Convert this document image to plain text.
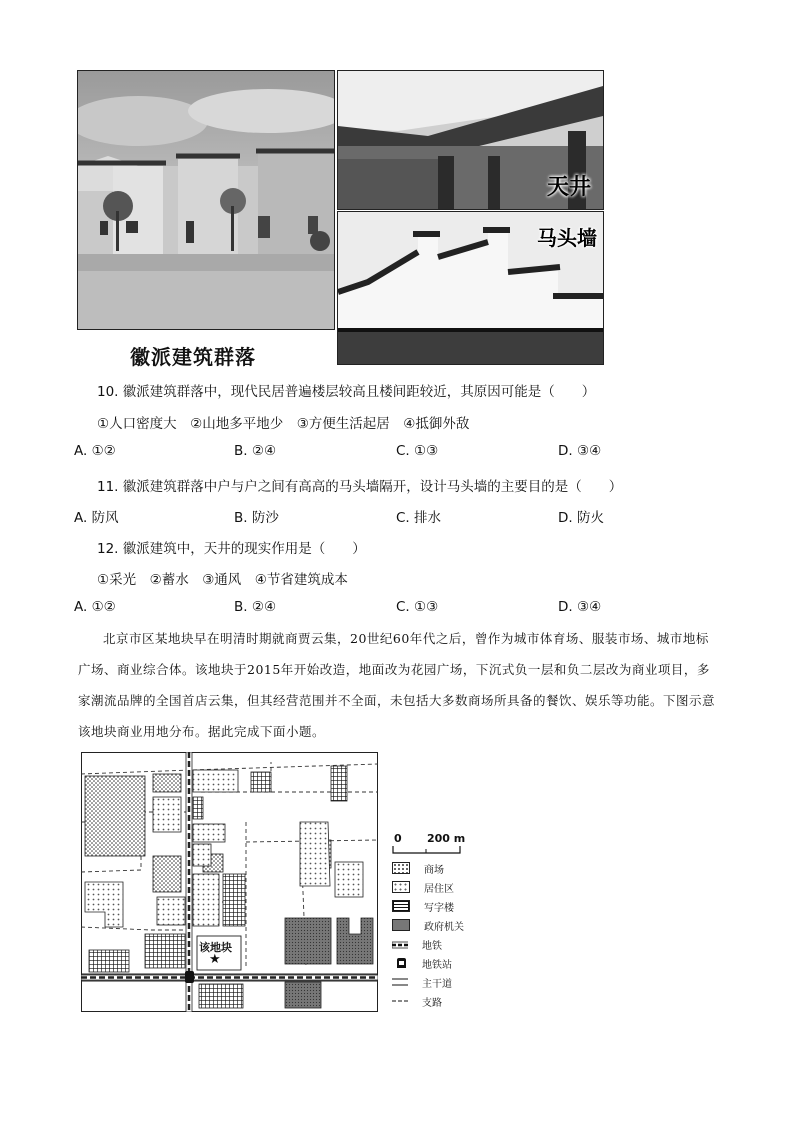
天井
马头墙
徽派建筑群落
10. 徽派建筑群落中，现代民居普遍楼层较高且楼间距较近，其原因可能是（　　）
①人口密度大　②山地多平地少　③方便生活起居　④抵御外敌
A. ①②	B. ②④	C. ①③	D. ③④
11. 徽派建筑群落中户与户之间有高高的马头墙隔开，设计马头墙的主要目的是（　　）
A. 防风	B. 防沙	C. 排水	D. 防火
12. 徽派建筑中，天井的现实作用是（　　）
①采光　②蓄水　③通风　④节省建筑成本
A. ①②	B. ②④	C. ①③	D. ③④

北京市区某地块早在明清时期就商贾云集，20世纪60年代之后，曾作为城市体育场、服装市场、城市地标广场、商业综合体。该地块于2015年开始改造，地面改为花园广场，下沉式负一层和负二层改为商业项目，多家潮流品牌的全国首店云集，但其经营范围并不全面，未包括大多数商场所具备的餐饮、娱乐等功能。下图示意该地块商业用地分布。据此完成下面小题。

该地块
★
0 200 m
商场
居住区
写字楼
政府机关
地铁
地铁站
主干道
支路
